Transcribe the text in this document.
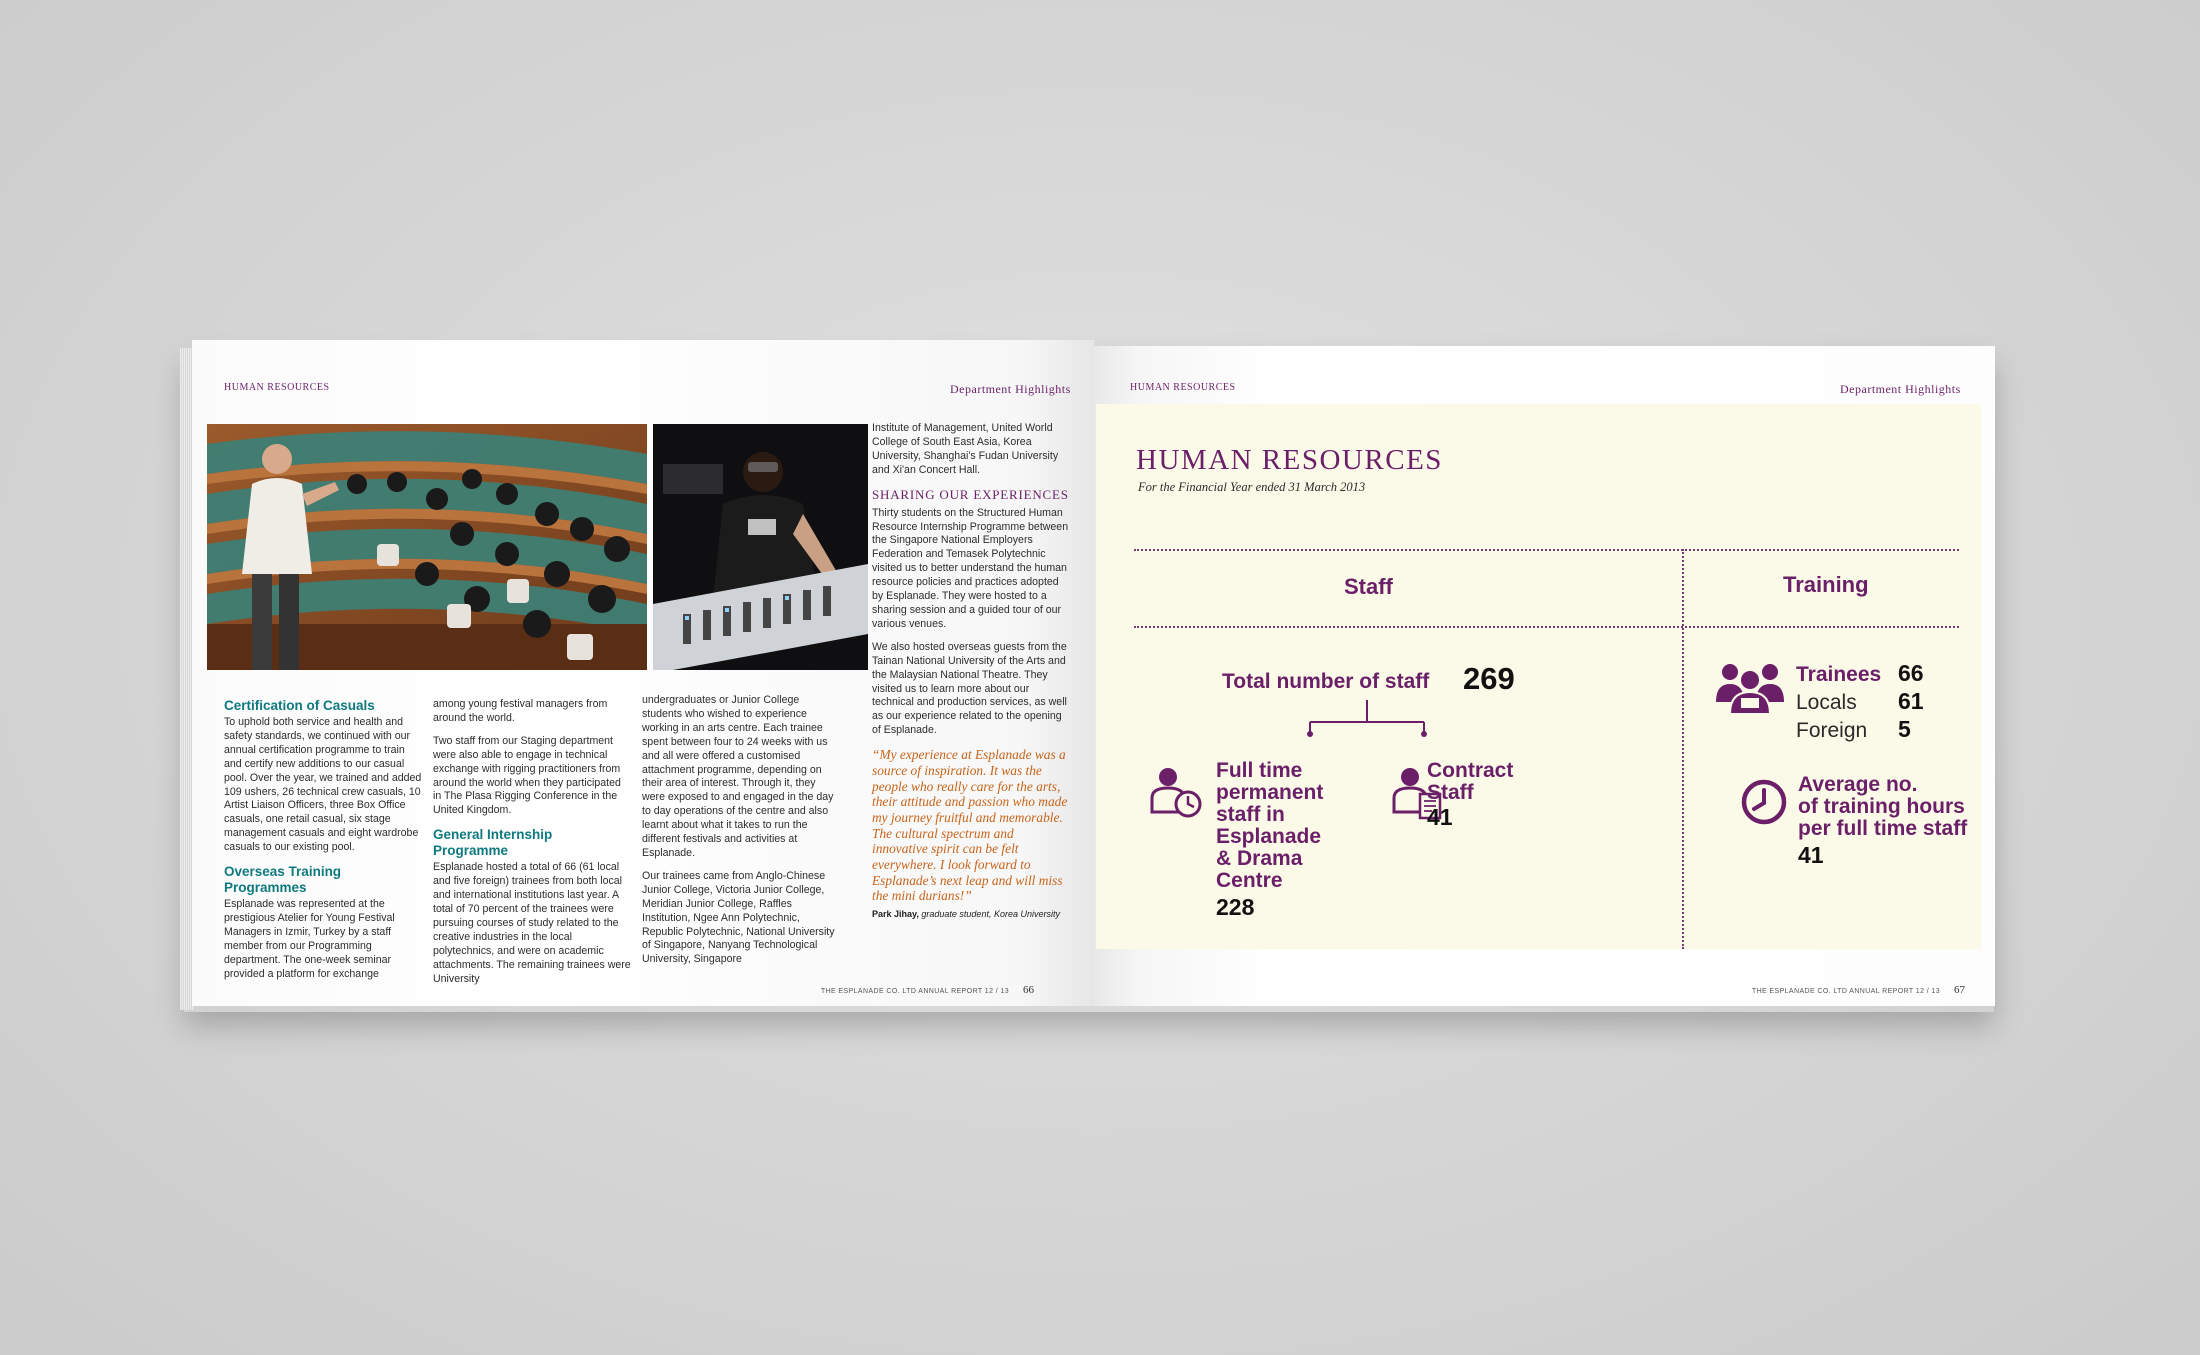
HUMAN RESOURCES	Department Highlights
Certification of Casuals

To uphold both service and health and safety standards, we continued with our annual certification programme to train and certify new additions to our casual pool. Over the year, we trained and added 109 ushers, 26 technical crew casuals, 10 Artist Liaison Officers, three Box Office casuals, one retail casual, six stage management casuals and eight wardrobe casuals to our existing pool.

Overseas Training Programmes

Esplanade was represented at the prestigious Atelier for Young Festival Managers in Izmir, Turkey by a staff member from our Programming department. The one-week seminar provided a platform for exchange

among young festival managers from around the world.

Two staff from our Staging department were also able to engage in technical exchange with rigging practitioners from around the world when they participated in The Plasa Rigging Conference in the United Kingdom.

General Internship Programme

Esplanade hosted a total of 66 (61 local and five foreign) trainees from both local and international institutions last year. A total of 70 percent of the trainees were pursuing courses of study related to the creative industries in the local polytechnics, and were on academic attachments. The remaining trainees were University

undergraduates or Junior College students who wished to experience working in an arts centre. Each trainee spent between four to 24 weeks with us and all were offered a customised attachment programme, depending on their area of interest. Through it, they were exposed to and engaged in the day to day operations of the centre and also learnt about what it takes to run the different festivals and activities at Esplanade.

Our trainees came from Anglo-Chinese Junior College, Victoria Junior College, Meridian Junior College, Raffles Institution, Ngee Ann Polytechnic, Republic Polytechnic, National University of Singapore, Nanyang Technological University, Singapore

Institute of Management, United World College of South East Asia, Korea University, Shanghai's Fudan University and Xi'an Concert Hall.

SHARING OUR EXPERIENCES

Thirty students on the Structured Human Resource Internship Programme between the Singapore National Employers Federation and Temasek Polytechnic visited us to better understand the human resource policies and practices adopted by Esplanade. They were hosted to a sharing session and a guided tour of our various venues.

We also hosted overseas guests from the Tainan National University of the Arts and the Malaysian National Theatre. They visited us to learn more about our technical and production services, as well as our experience related to the opening of Esplanade.

“My experience at Esplanade was a source of inspiration. It was the people who really care for the arts, their attitude and passion who made my journey fruitful and memorable. The cultural spectrum and innovative spirit can be felt everywhere. I look forward to Esplanade’s next leap and will miss the mini durians!”
Park Jihay, graduate student, Korea University
THE ESPLANADE CO. LTD ANNUAL REPORT 12 / 13 66
HUMAN RESOURCES	Department Highlights
HUMAN RESOURCES
For the Financial Year ended 31 March 2013
Staff	Training
Total number of staff 269
Full time
permanent
staff in
Esplanade
& Drama
Centre
228
Contract
Staff
41
Trainees 66
Locals 61
Foreign 5
Average no.
of training hours
per full time staff
41
THE ESPLANADE CO. LTD ANNUAL REPORT 12 / 13 67
